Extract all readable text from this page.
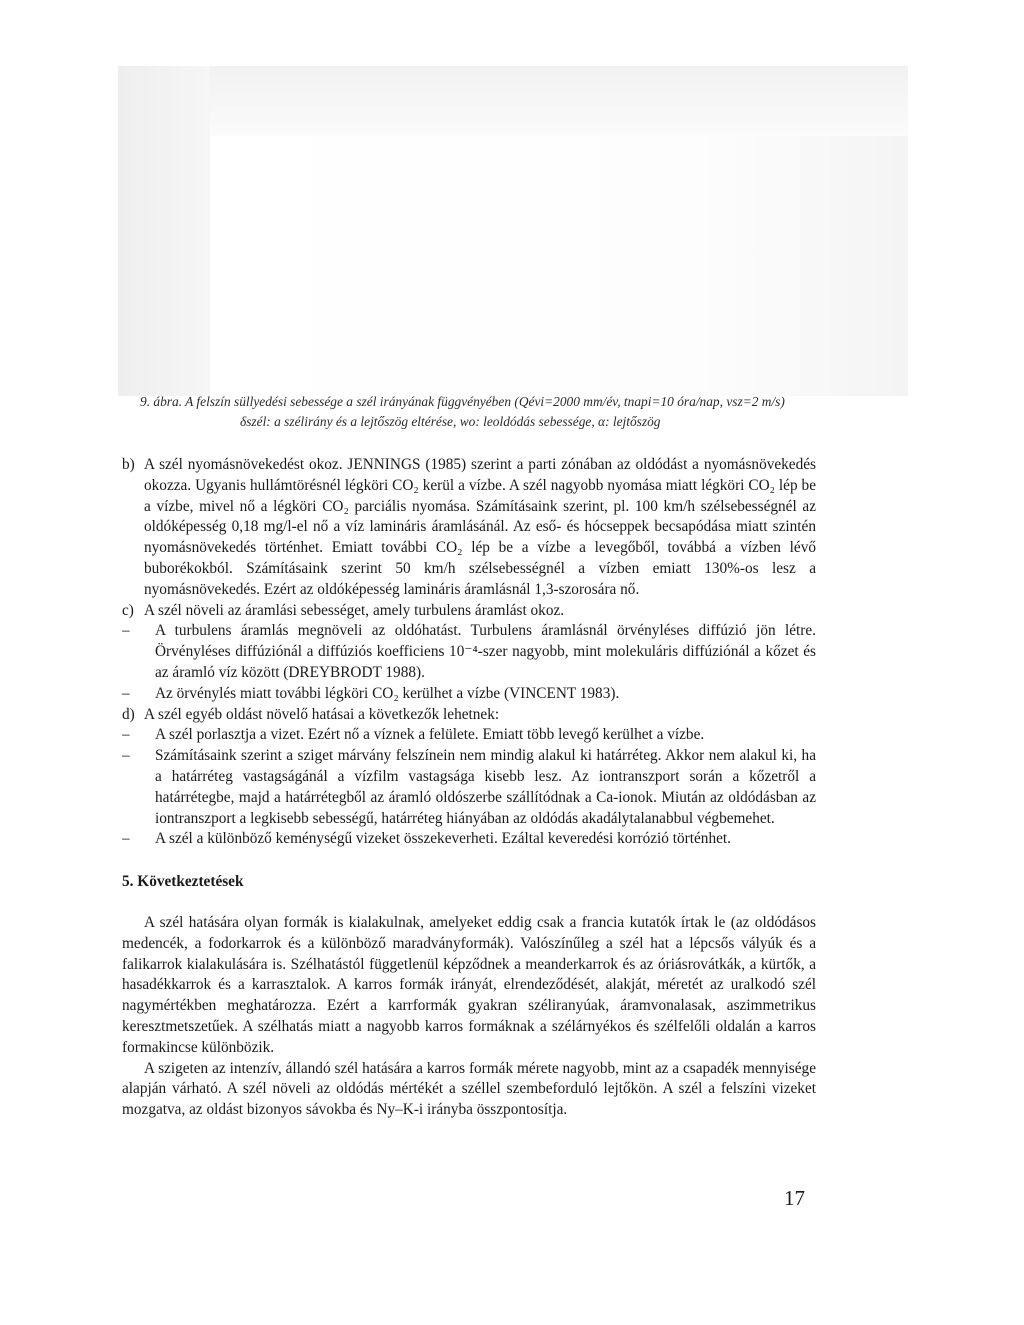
9. ábra. A felszín süllyedési sebessége a szél irányának függvényében (Qévi=2000 mm/év, tnapi=10 óra/nap, vsz=2 m/s)
δszél: a szélirány és a lejtőszög eltérése, wo: leoldódás sebessége, α: lejtőszög
b) A szél nyomásnövekedést okoz. JENNINGS (1985) szerint a parti zónában az oldódást a nyomásnövekedés okozza. Ugyanis hullámtörésnél légköri CO₂ kerül a vízbe. A szél nagyobb nyomása miatt légköri CO₂ lép be a vízbe, mivel nő a légköri CO₂ parciális nyomása. Számításaink szerint, pl. 100 km/h szélsebességnél az oldóképesség 0,18 mg/l-el nő a víz lamináris áramlásánál. Az eső- és hócseppek becsapódása miatt szintén nyomásnövekedés történhet. Emiatt további CO₂ lép be a vízbe a levegőből, továbbá a vízben lévő buborékokból. Számításaink szerint 50 km/h szélsebességnél a vízben emiatt 130%-os lesz a nyomásnövekedés. Ezért az oldóképesség lamináris áramlásnál 1,3-szorosára nő.
c) A szél növeli az áramlási sebességet, amely turbulens áramlást okoz.
–	A turbulens áramlás megnöveli az oldóhatást. Turbulens áramlásnál örvényléses diffúzió jön létre. Örvényléses diffúziónál a diffúziós koefficiens 10⁻⁴-szer nagyobb, mint molekuláris diffúziónál a kőzet és az áramló víz között (DREYBRODT 1988).
–	Az örvénylés miatt további légköri CO₂ kerülhet a vízbe (VINCENT 1983).
d) A szél egyéb oldást növelő hatásai a következők lehetnek:
–	A szél porlasztja a vizet. Ezért nő a víznek a felülete. Emiatt több levegő kerülhet a vízbe.
–	Számításaink szerint a sziget márvány felszínein nem mindig alakul ki határréteg. Akkor nem alakul ki, ha a határréteg vastagságánál a vízfilm vastagsága kisebb lesz. Az iontranszport során a kőzetről a határrétegbe, majd a határrétegből az áramló oldószerbe szállítódnak a Ca-ionok. Miután az oldódásban az iontranszport a legkisebb sebességű, határréteg hiányában az oldódás akadálytalanabbul végbemehet.
–	A szél a különböző keménységű vizeket összekeverheti. Ezáltal keveredési korrózió történhet.
5. Következtetések

A szél hatására olyan formák is kialakulnak, amelyeket eddig csak a francia kutatók írtak le (az oldódásos medencék, a fodorkarrok és a különböző maradványformák). Valószínűleg a szél hat a lépcsős vályúk és a falikarrok kialakulására is. Szélhatástól függetlenül képződnek a meanderkarrok és az óriásrovátkák, a kürtők, a hasadékkarrok és a karrasztalok. A karros formák irányát, elrendeződését, alakját, méretét az uralkodó szél nagymértékben meghatározza. Ezért a karrformák gyakran széliranyúak, áramvonalasak, aszimmetrikus keresztmetszetűek. A szélhatás miatt a nagyobb karros formáknak a szélárnyékos és szélfelőli oldalán a karros formakincse különbözik.

A szigeten az intenzív, állandó szél hatására a karros formák mérete nagyobb, mint az a csapadék mennyisége alapján várható. A szél növeli az oldódás mértékét a széllel szembeforduló lejtőkön. A szél a felszíni vizeket mozgatva, az oldást bizonyos sávokba és Ny–K-i irányba összpontosítja.

17
